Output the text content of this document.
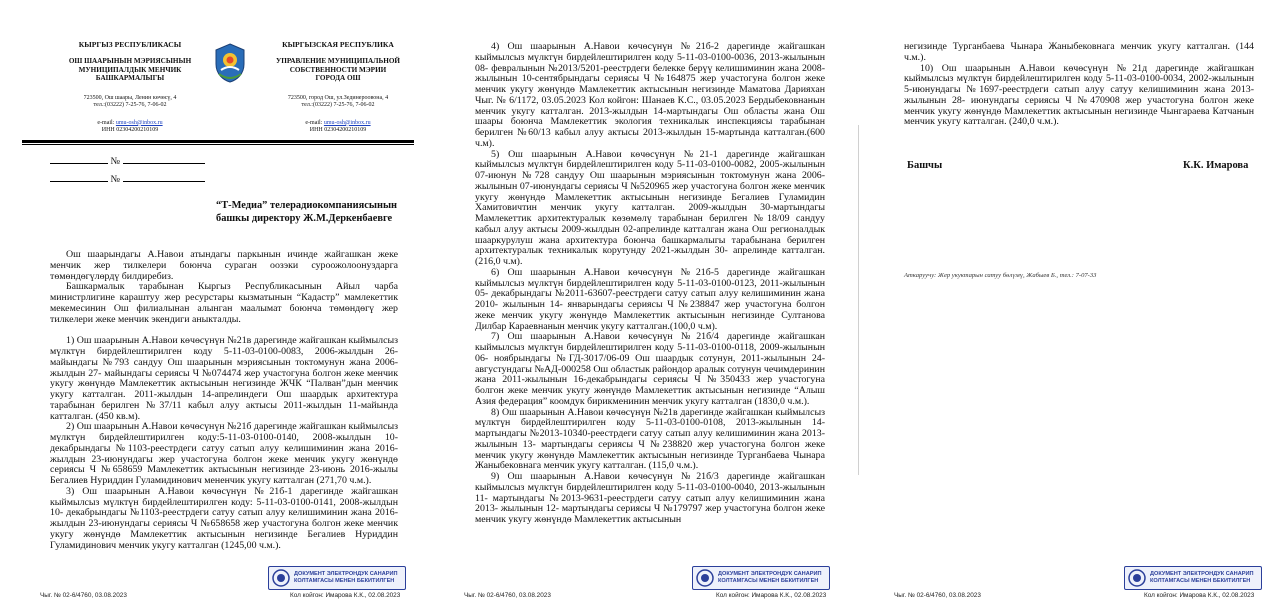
КЫРГЫЗ РЕСПУБЛИКАСЫ
ОШ ШААРЫНЫН МЭРИЯСЫНЫН
МУНИЦИПАЛДЫК МЕНЧИК
БАШКАРМАЛЫГЫ
723500, Ош шаары, Ленин көчөсү, 4
тел.:(03222) 7-25-76, 7-06-02
e-mail: umu-osh@inbox.ru
ИНН 02304200210109
КЫРГЫЗСКАЯ РЕСПУБЛИКА
УПРАВЛЕНИЕ МУНИЦИПАЛЬНОЙ
СОБСТВЕННОСТИ МЭРИИ
ГОРОДА ОШ
723500, город Ош, ул.Зединероовона, 4
тел.:(03222) 7-25-76, 7-06-02
e-mail: umu-osh@inbox.ru
ИНН 02304200210109
№
№
“Т-Медиа” телерадиокомпаниясынын
башкы директору Ж.М.Деркенбаевге

Ош шаарындагы А.Навои атындагы паркынын ичинде жайгашкан жеке менчик жер тилкелери боюнча сураган оозэки суроожолоонуздарга төмөндөгүлөрдү билдиребиз.

Башкармалык тарабынан Кыргыз Республикасынын Айыл чарба министрлигине караштуу жер ресурстары кызматынын “Кадастр” мамлекеттик мекемесинин Ош филиалынан алынган маалымат боюнча төмөндөгү жер тилкелери жеке менчик экендиги аныкталды.

1) Ош шаарынын А.Навои көчөсүнүн №21в дарегинде жайгашкан кыймылсыз мүлктүн бирдейлештирилген коду 5-11-03-0100-0083, 2006-жылдын 26-майындагы №793 сандуу Ош шаарынын мэриясынын токтомунун жана 2006- жылдын 27- майындагы сериясы Ч №074474 жер участогуна болгон жеке менчик укугу жөнүндө Мамлекеттик актысынын негизинде ЖЧК “Палван”дын менчик укугу катталган. 2011-жылдын 14-апрелиндеги Ош шаардык архитектура тарабынан берилген №37/11 кабыл алуу актысы 2011-жылдын 11-майында катталган. (450 кв.м).

2) Ош шаарынын А.Навои көчөсүнүн №21б дарегинде жайгашкан кыймылсыз мүлктүн бирдейлештирилген коду:5-11-03-0100-0140, 2008-жылдын 10-декабрындагы №1103-реестрдеги сатуу сатып алуу келишиминин жана 2016-жылдын 23-июнундагы жер участогуна болгон жеке менчик укугу жөнүндө сериясы Ч №658659 Мамлекеттик актысынын негизинде 23-июнь 2016-жылы Бегалиев Нуриддин Гуламидинович мененчик укугу катталган (271,70 ч.м.).

3) Ош шаарынын А.Навои көчөсүнүн №21б-1 дарегинде жайгашкан кыймылсыз мүлктүн бирдейлештирилген коду: 5-11-03-0100-0141, 2008-жылдын 10- декабрындагы №1103-реестрдеги сатуу сатып алуу келишиминин жана 2016-жылдын 23-июнундагы сериясы Ч №658658 жер участогуна болгон жеке менчик укугу жөнүндө Мамлекеттик актысынын негизинде Бегалиев Нуриддин Гуламидинович менчик укугу катталган (1245,00 ч.м.).

ДОКУМЕНТ ЭЛЕКТРОНДУК САНАРИП
КОЛТАМГАСЫ МЕНЕН БЕКИТИЛГЕН
Чыг. № 02-6/4760, 03.08.2023	Кол койгон: Имарова К.К., 02.08.2023

4) Ош шаарынын А.Навои көчөсүнүн №21б-2 дарегинде жайгашкан кыймылсыз мүлктүн бирдейлештирилген коду 5-11-03-0100-0036, 2013-жылынын 08- февралынын №2013/5201-реестрдеги белекке берүү келишиминин жана 2008- жылынын 10-сентябрындагы сериясы Ч №164875 жер участогуна болгон жеке менчик укугу жөнүндө Мамлекеттик актысынын негизинде Маматова Дарияхан Чыг. № 6/1172, 03.05.2023 Кол койгон: Шанаев К.С., 03.05.2023 Бердыбековнанын менчик укугу катталган. 2013-жылдын 14-мартындагы Ош областы жана Ош шаары боюнча Мамлекеттик экология техникалык инспекциясы тарабынан берилген №60/13 кабыл алуу актысы 2013-жылдын 15-мартында катталган.(600 ч.м).

5) Ош шаарынын А.Навои көчөсүнүн №21-1 дарегинде жайгашкан кыймылсыз мүлктүн бирдейлештирилген коду 5-11-03-0100-0082, 2005-жылынын 07-июнун №728 сандуу Ош шаарынын мэриясынын токтомунун жана 2006-жылынын 07-июнундагы сериясы Ч №520965 жер участогуна болгон жеке менчик укугу жөнүндө Мамлекеттик актысынын негизинде Бегалиев Гуламидин Хамитовичтин менчик укугу катталган. 2009-жылдын 30-мартындагы Мамлекеттик архитектуралык көзөмөлү тарабынан берилген №18/09 сандуу кабыл алуу актысы 2009-жылдын 02-апрелинде катталган жана Ош регионалдык шааркурулуш жана архитектура боюнча башкармалыгы тарабынана берилген архитектуралык техникалык корутунду 2021-жылдын 30- апрелинде катталган.(216,0 ч.м).

6) Ош шаарынын А.Навои көчөсүнүн №21б-5 дарегинде жайгашкан кыймылсыз мүлктүн бирдейлештирилген коду 5-11-03-0100-0123, 2011-жылынын 05- декабрындагы №2011-63607-реестрдеги сатуу сатып алуу келишиминин жана 2010- жылынын 14- январындагы сериясы Ч №238847 жер участогуна болгон жеке менчик укугу жөнүндө Мамлекеттик актысынын негизинде Султанова Дилбар Караевнанын менчик укугу катталган.(100,0 ч.м).

7) Ош шаарынын А.Навои көчөсүнүн №21б/4 дарегинде жайгашкан кыймылсыз мүлктүн бирдейлештирилген коду 5-11-03-0100-0118, 2009-жылынын 06- ноябрындагы №ГД-3017/06-09 Ош шаардык сотунун, 2011-жылынын 24- августундагы №АД-000258 Ош областык райондор аралык сотунун чечимдеринин жана 2011-жылынын 16-декабрындагы сериясы Ч №350433 жер участогуна болгон жеке менчик укугу жөнүндө Мамлекеттик актысынын негизинде “Алыш Азия федерация” коомдук бирикменинин менчик укугу катталган (1830,0 ч.м.).

8) Ош шаарынын А.Навои көчөсүнүн №21в дарегинде жайгашкан кыймылсыз мүлктүн бирдейлештирилген коду 5-11-03-0100-0108, 2013-жылынын 14-мартындагы №2013-10340-реестрдеги сатуу сатып алуу келишиминин жана 2013-жылынын 13- мартындагы сериясы Ч №238820 жер участогуна болгон жеке менчик укугу жөнүндө Мамлекеттик актысынын негизинде Турганбаева Чынара Жаныбековнага менчик укугу катталган. (115,0 ч.м.).

9) Ош шаарынын А.Навои көчөсүнүн №21б/3 дарегинде жайгашкан кыймылсыз мүлктүн бирдейлештирилген коду 5-11-03-0100-0040, 2013-жылынын 11- мартындагы №2013-9631-реестрдеги сатуу сатып алуу келишиминин жана 2013- жылынын 12- мартындагы сериясы Ч №179797 жер участогуна болгон жеке менчик укугу жөнүндө Мамлекеттик актысынын

ДОКУМЕНТ ЭЛЕКТРОНДУК САНАРИП
КОЛТАМГАСЫ МЕНЕН БЕКИТИЛГЕН
Чыг. № 02-6/4760, 03.08.2023	Кол койгон: Имарова К.К., 02.08.2023

негизинде Турганбаева Чынара Жаныбековнага менчик укугу катталган. (144 ч.м.).

10) Ош шаарынын А.Навои көчөсүнүн №21д дарегинде жайгашкан кыймылсыз мүлктүн бирдейлештирилген коду 5-11-03-0100-0034, 2002-жылынын 5-июнундагы №1697-реестрдеги сатып алуу сатуу келишиминин жана 2013-жылынын 28- июнундагы сериясы Ч №470908 жер участогуна болгон жеке менчик укугу жөнүндө Мамлекеттик актысынын негизинде Чынгараева Катчанын менчик укугу катталган. (240,0 ч.м.).

Башчы	К.К. Имарова
ДОКУМЕНТ ЭЛЕКТРОНДУК САНАРИП
КОЛТАМГАСЫ МЕНЕН БЕКИТИЛГЕН
Чыг. № 02-6/4760, 03.08.2023	Кол койгон: Имарова К.К., 02.08.2023
Аткаруучу: Жер укуктарын сатуу бөлүмү, Жабыев Б., тел.: 7-07-33
